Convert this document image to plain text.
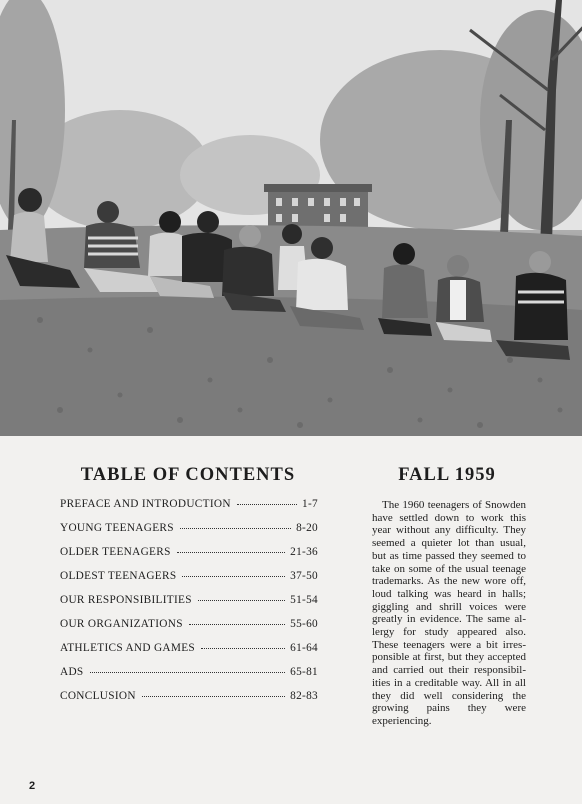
TABLE OF CONTENTS
PREFACE AND INTRODUCTION	1-7
YOUNG TEENAGERS	8-20
OLDER TEENAGERS	21-36
OLDEST TEENAGERS	37-50
OUR RESPONSIBILITIES	51-54
OUR ORGANIZATIONS	55-60
ATHLETICS AND GAMES	61-64
ADS	65-81
CONCLUSION	82-83
FALL 1959

The 1960 teenagers of Snowden have settled down to work this year without any difficulty. They seemed a quieter lot than usual, but as time passed they seemed to take on some of the usual teenage trademarks. As the new wore off, loud talking was heard in halls; giggling and shrill voices were greatly in evidence. The same allergy for study appeared also. These teenagers were a bit irresponsible at first, but they accepted and carried out their responsibilities in a creditable way. All in all they did well considering the growing pains they were experiencing.

2
